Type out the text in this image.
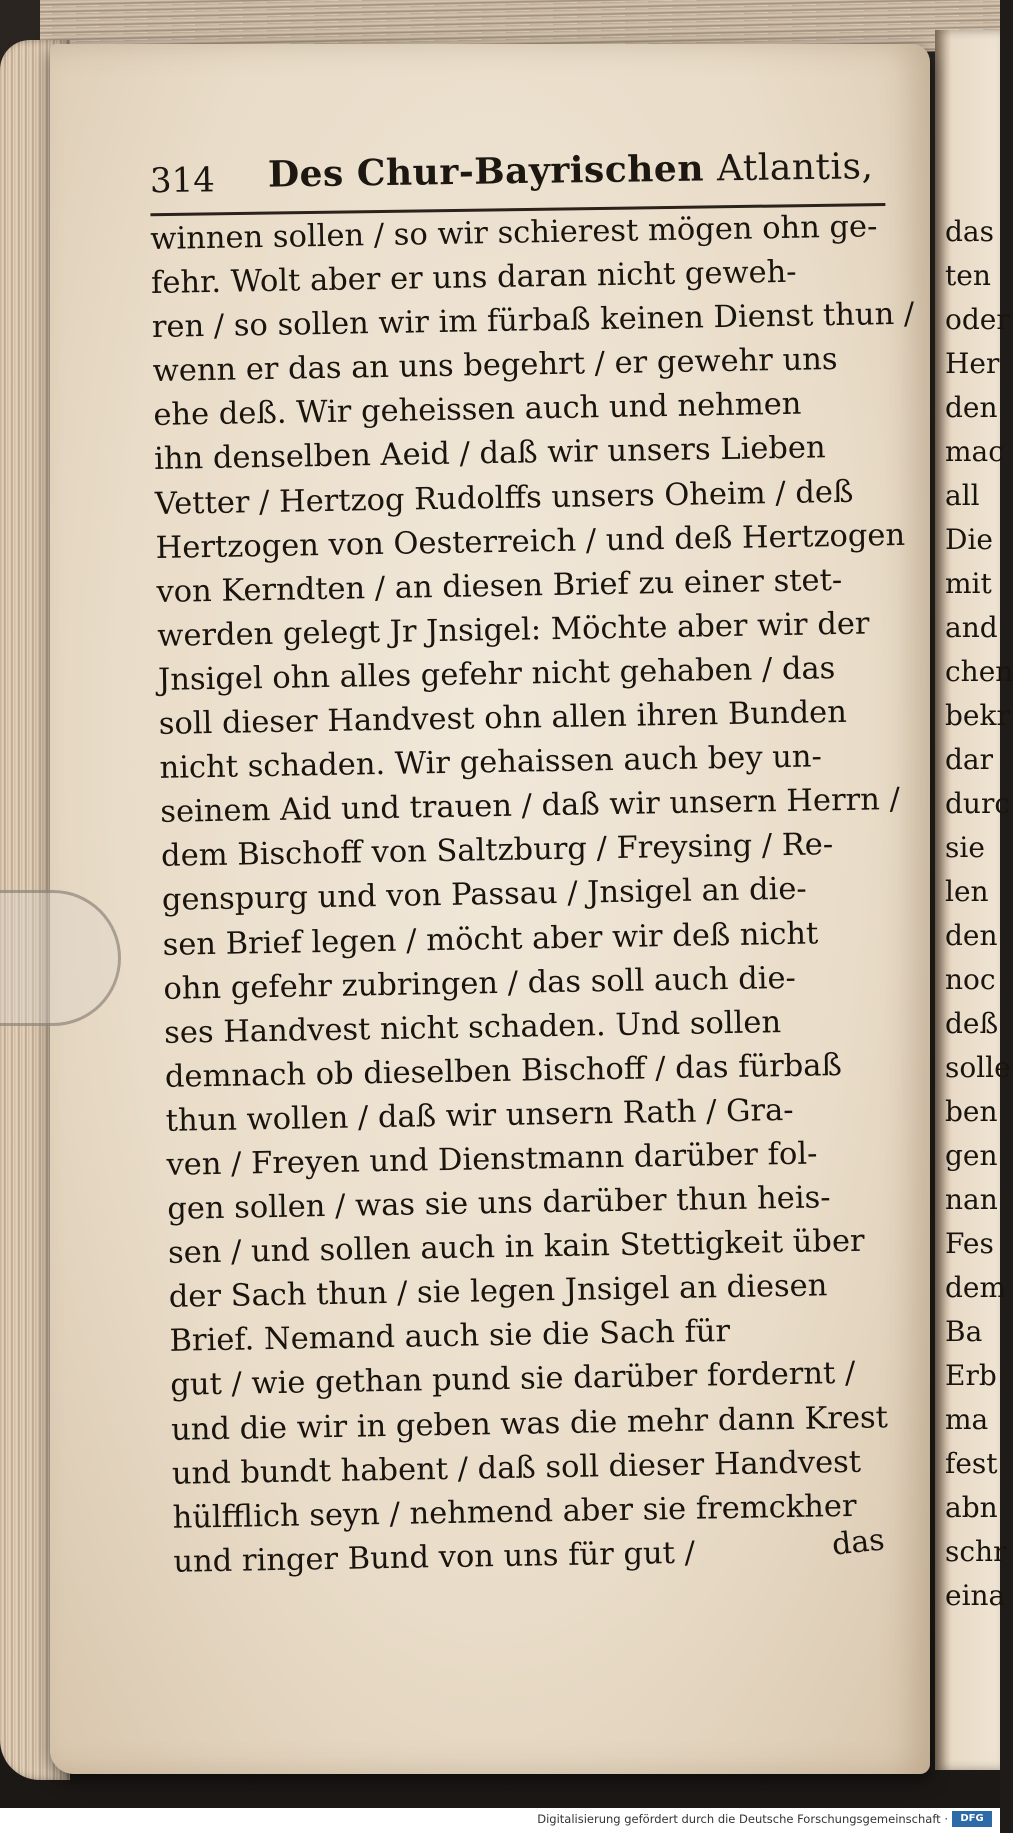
314 Des Chur-Bayrischen Atlantis,
winnen sollen / so wir schierest mögen ohn ge-
fehr. Wolt aber er uns daran nicht geweh-
ren / so sollen wir im fürbaß keinen Dienst thun /
wenn er das an uns begehrt / er gewehr uns
ehe deß. Wir geheissen auch und nehmen
ihn denselben Aeid / daß wir unsers Lieben
Vetter / Hertzog Rudolffs unsers Oheim / deß
Hertzogen von Oesterreich / und deß Hertzogen
von Kerndten / an diesen Brief zu einer stet-
werden gelegt Jr Jnsigel: Möchte aber wir der
Jnsigel ohn alles gefehr nicht gehaben / das
soll dieser Handvest ohn allen ihren Bunden
nicht schaden. Wir gehaissen auch bey un-
seinem Aid und trauen / daß wir unsern Herrn /
dem Bischoff von Saltzburg / Freysing / Re-
genspurg und von Passau / Jnsigel an die-
sen Brief legen / möcht aber wir deß nicht
ohn gefehr zubringen / das soll auch die-
ses Handvest nicht schaden. Und sollen
demnach ob dieselben Bischoff / das fürbaß
thun wollen / daß wir unsern Rath / Gra-
ven / Freyen und Dienstmann darüber fol-
gen sollen / was sie uns darüber thun heis-
sen / und sollen auch in kain Stettigkeit über
der Sach thun / sie legen Jnsigel an diesen
Brief. Nemand auch sie die Sach für
gut / wie gethan pund sie darüber fordernt /
und die wir in geben was die mehr dann Krest
und bundt habent / daß soll dieser Handvest
hülfflich seyn / nehmend aber sie fremckher
und ringer Bund von uns für gut /	das
das
ten
oder
Her
den
mac
all
Die
mit
and
chen
bekr
dar
durc
sie
len
den
noc
deß
solle
ben
gen
nan
Fes
dem
Ba
Erb
ma
fest
abn
schr
eina
Digitalisierung gefördert durch die Deutsche Forschungsgemeinschaft ·	DFG
